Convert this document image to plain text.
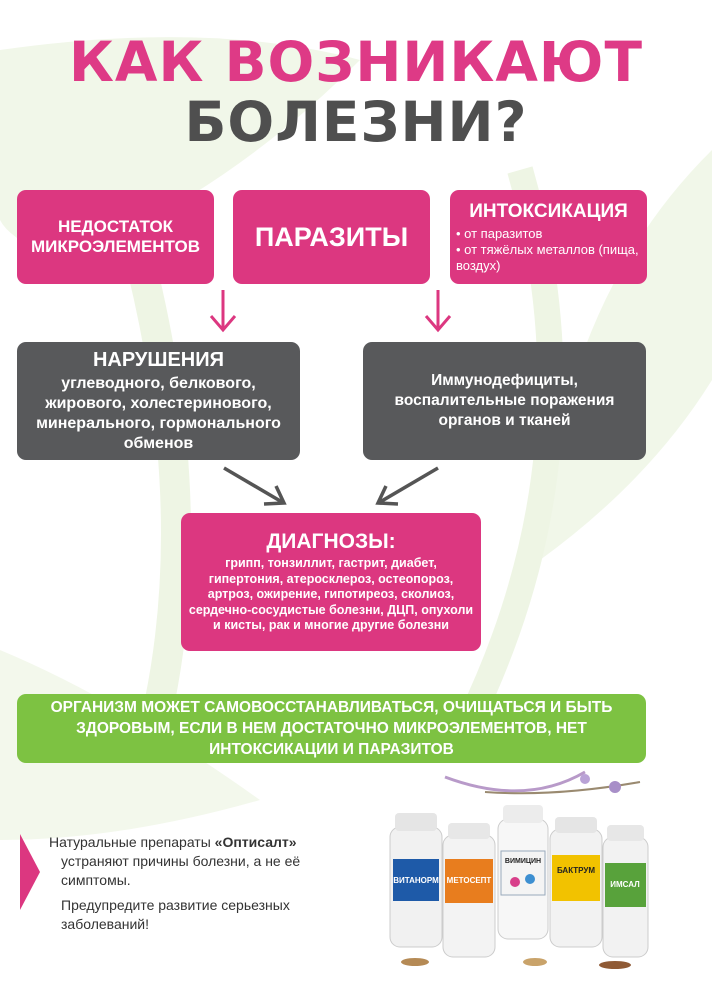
КАК ВОЗНИКАЮТ
БОЛЕЗНИ?
НЕДОСТАТОК МИКРОЭЛЕМЕНТОВ	ПАРАЗИТЫ
ИНТОКСИКАЦИЯ
• от паразитов
• от тяжёлых металлов (пища, воздух)
НАРУШЕНИЯ
углеводного, белкового, жирового, холестеринового, минерального, гормонального обменов
Иммунодефициты, воспалительные поражения органов и тканей
ДИАГНОЗЫ:
грипп, тонзиллит, гастрит, диабет, гипертония, атеросклероз, остеопороз, артроз, ожирение, гипотиреоз, сколиоз, сердечно-сосудистые болезни, ДЦП, опухоли и кисты, рак и многие другие болезни
ОРГАНИЗМ МОЖЕТ САМОВОССТАНАВЛИВАТЬСЯ, ОЧИЩАТЬСЯ И БЫТЬ ЗДОРОВЫМ, ЕСЛИ В НЕМ ДОСТАТОЧНО МИКРОЭЛЕМЕНТОВ, НЕТ ИНТОКСИКАЦИИ И ПАРАЗИТОВ
Натуральные препараты «Оптисалт»
устраняют причины болезни, а не её симптомы.
Предупредите развитие серьезных заболеваний!
ВИТАНОРМ МЕТОСЕПТ
ВИМИЦИН
БАКТРУМ
ИМСАЛ
